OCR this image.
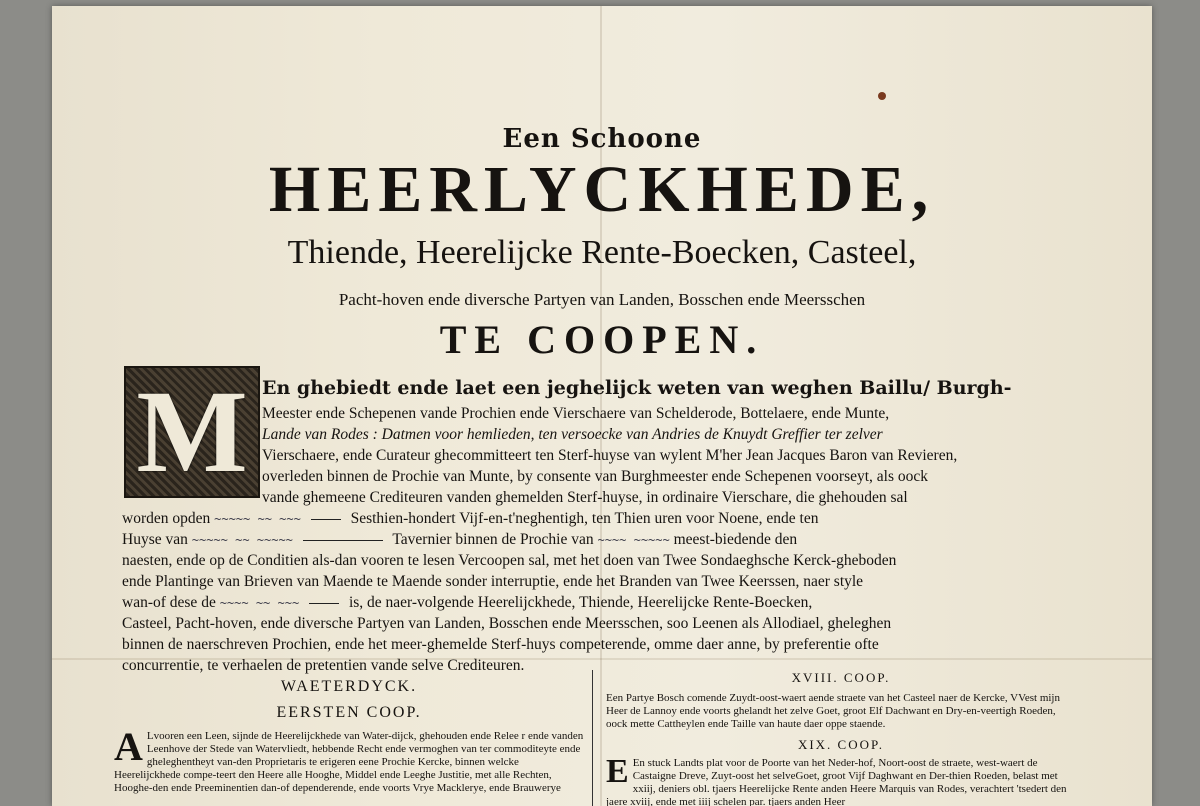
Een Schoone
HEERLYCKHEDE,
Thiende, Heerelijcke Rente-Boecken, Casteel,
Pacht-hoven ende diversche Partyen van Landen, Bosschen ende Meersschen
TE COOPEN.
M En ghebiedt ende laet een jeghelijck weten van weghen Baillu/ Burgh-
Meester ende Schepenen vande Prochien ende Vierschaere van Schelderode, Bottelaere, ende Munte,
Lande van Rodes : Datmen voor hemlieden, ten versoecke van Andries de Knuydt Greffier ter zelver
Vierschaere, ende Curateur ghecommitteert ten Sterf-huyse van wylent M'her Jean Jacques Baron van Revieren,
overleden binnen de Prochie van Munte, by consente van Burghmeester ende Schepenen voorseyt, als oock
vande ghemeene Crediteuren vanden ghemelden Sterf-huyse, in ordinaire Vierschare, die ghehouden sal
worden opden ~~~~~ ~~ ~~~	Sesthien-hondert Vijf-en-t'neghentigh, ten Thien uren voor Noene, ende ten
Huyse van ~~~~~ ~~ ~~~~~	Tavernier binnen de Prochie van ~~~~ ~~~~~ meest-biedende den
naesten, ende op de Conditien als-dan vooren te lesen Vercoopen sal, met het doen van Twee Sondaeghsche Kerck-gheboden
ende Plantinge van Brieven van Maende te Maende sonder interruptie, ende het Branden van Twee Keerssen, naer style
wan-of dese de ~~~~ ~~ ~~~	is, de naer-volgende Heerelijckhede, Thiende, Heerelijcke Rente-Boecken,
Casteel, Pacht-hoven, ende diversche Partyen van Landen, Bosschen ende Meersschen, soo Leenen als Allodiael, gheleghen
binnen de naerschreven Prochien, ende het meer-ghemelde Sterf-huys competerende, omme daer anne, by preferentie ofte
concurrentie, te verhaelen de pretentien vande selve Crediteuren.
WAETERDYCK.
EERSTEN COOP.
A Lvooren een Leen, sijnde de Heerelijckhede van Water-dijck, ghehouden ende Relee r ende vanden Leenhove der Stede van Watervliedt, hebbende Recht ende vermoghen van ter commoditeyte ende gheleghentheyt van-den Proprietaris te erigeren eene Prochie Kercke, binnen welcke Heerelijckhede compe-teert den Heere alle Hooghe, Middel ende Leeghe Justitie, met alle Rechten, Hooghe-den ende Preeminentien dan-of dependerende, ende voorts Vrye Macklerye, ende Brauwerye
XVIII. COOP.
Een Partye Bosch comende Zuydt-oost-waert aende straete van het Casteel naer de Kercke, VVest mijn Heer de Lannoy ende voorts ghelandt het zelve Goet, groot Elf Dachwant en Dry-en-veertigh Roeden, oock mette Cattheylen ende Taille van haute daer oppe staende.
XIX. COOP.
E En stuck Landts plat voor de Poorte van het Neder-hof, Noort-oost de straete, west-waert de Castaigne Dreve, Zuyt-oost het selveGoet, groot Vijf Daghwant en Der-thien Roeden, belast met xxiij, deniers obl. tjaers Heerelijcke Rente anden Heere Marquis van Rodes, verachtert 'tsedert den jaere xviij, ende met iiij schelen par. tjaers anden Heer
